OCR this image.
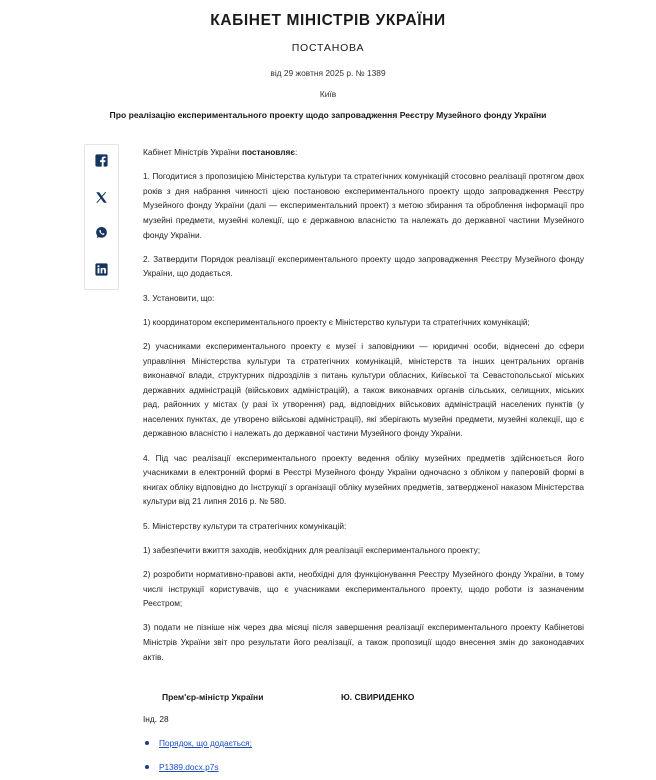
КАБІНЕТ МІНІСТРІВ УКРАЇНИ
ПОСТАНОВА
від 29 жовтня 2025 р. № 1389
Київ
Про реалізацію експериментального проекту щодо запровадження Реєстру Музейного фонду України

Кабінет Міністрів України постановляє:

1. Погодитися з пропозицією Міністерства культури та стратегічних комунікацій стосовно реалізації протягом двох років з дня набрання чинності цією постановою експериментального проекту щодо запровадження Реєстру Музейного фонду України (далі — експериментальний проект) з метою збирання та оброблення інформації про музейні предмети, музейні колекції, що є державною власністю та належать до державної частини Музейного фонду України.

2. Затвердити Порядок реалізації експериментального проекту щодо запровадження Реєстру Музейного фонду України, що додається.

3. Установити, що:

1) координатором експериментального проекту є Міністерство культури та стратегічних комунікацій;

2) учасниками експериментального проекту є музеї і заповідники — юридичні особи, віднесені до сфери управління Міністерства культури та стратегічних комунікацій, міністерств та інших центральних органів виконавчої влади, структурних підрозділів з питань культури обласних, Київської та Севастопольської міських державних адміністрацій (військових адміністрацій), а також виконавчих органів сільських, селищних, міських рад, районних у містах (у разі їх утворення) рад, відповідних військових адміністрацій населених пунктів (у населених пунктах, де утворено військові адміністрації), які зберігають музейні предмети, музейні колекції, що є державною власністю і належать до державної частини Музейного фонду України.

4. Під час реалізації експериментального проекту ведення обліку музейних предметів здійснюється його учасниками в електронній формі в Реєстрі Музейного фонду України одночасно з обліком у паперовій формі в книгах обліку відповідно до Інструкції з організації обліку музейних предметів, затвердженої наказом Міністерства культури від 21 липня 2016 р. № 580.

5. Міністерству культури та стратегічних комунікацій:

1) забезпечити вжиття заходів, необхідних для реалізації експериментального проекту;

2) розробити нормативно-правові акти, необхідні для функціонування Реєстру Музейного фонду України, в тому числі інструкції користувачів, що є учасниками експериментального проекту, щодо роботи із зазначеним Реєстром;

3) подати не пізніше ніж через два місяці після завершення реалізації експериментального проекту Кабінетові Міністрів України звіт про результати його реалізації, а також пропозиції щодо внесення змін до законодавчих актів.

Прем'єр-міністр України	Ю. СВИРИДЕНКО
Інд. 28
Порядок, що додається;
P1389.docx.p7s
